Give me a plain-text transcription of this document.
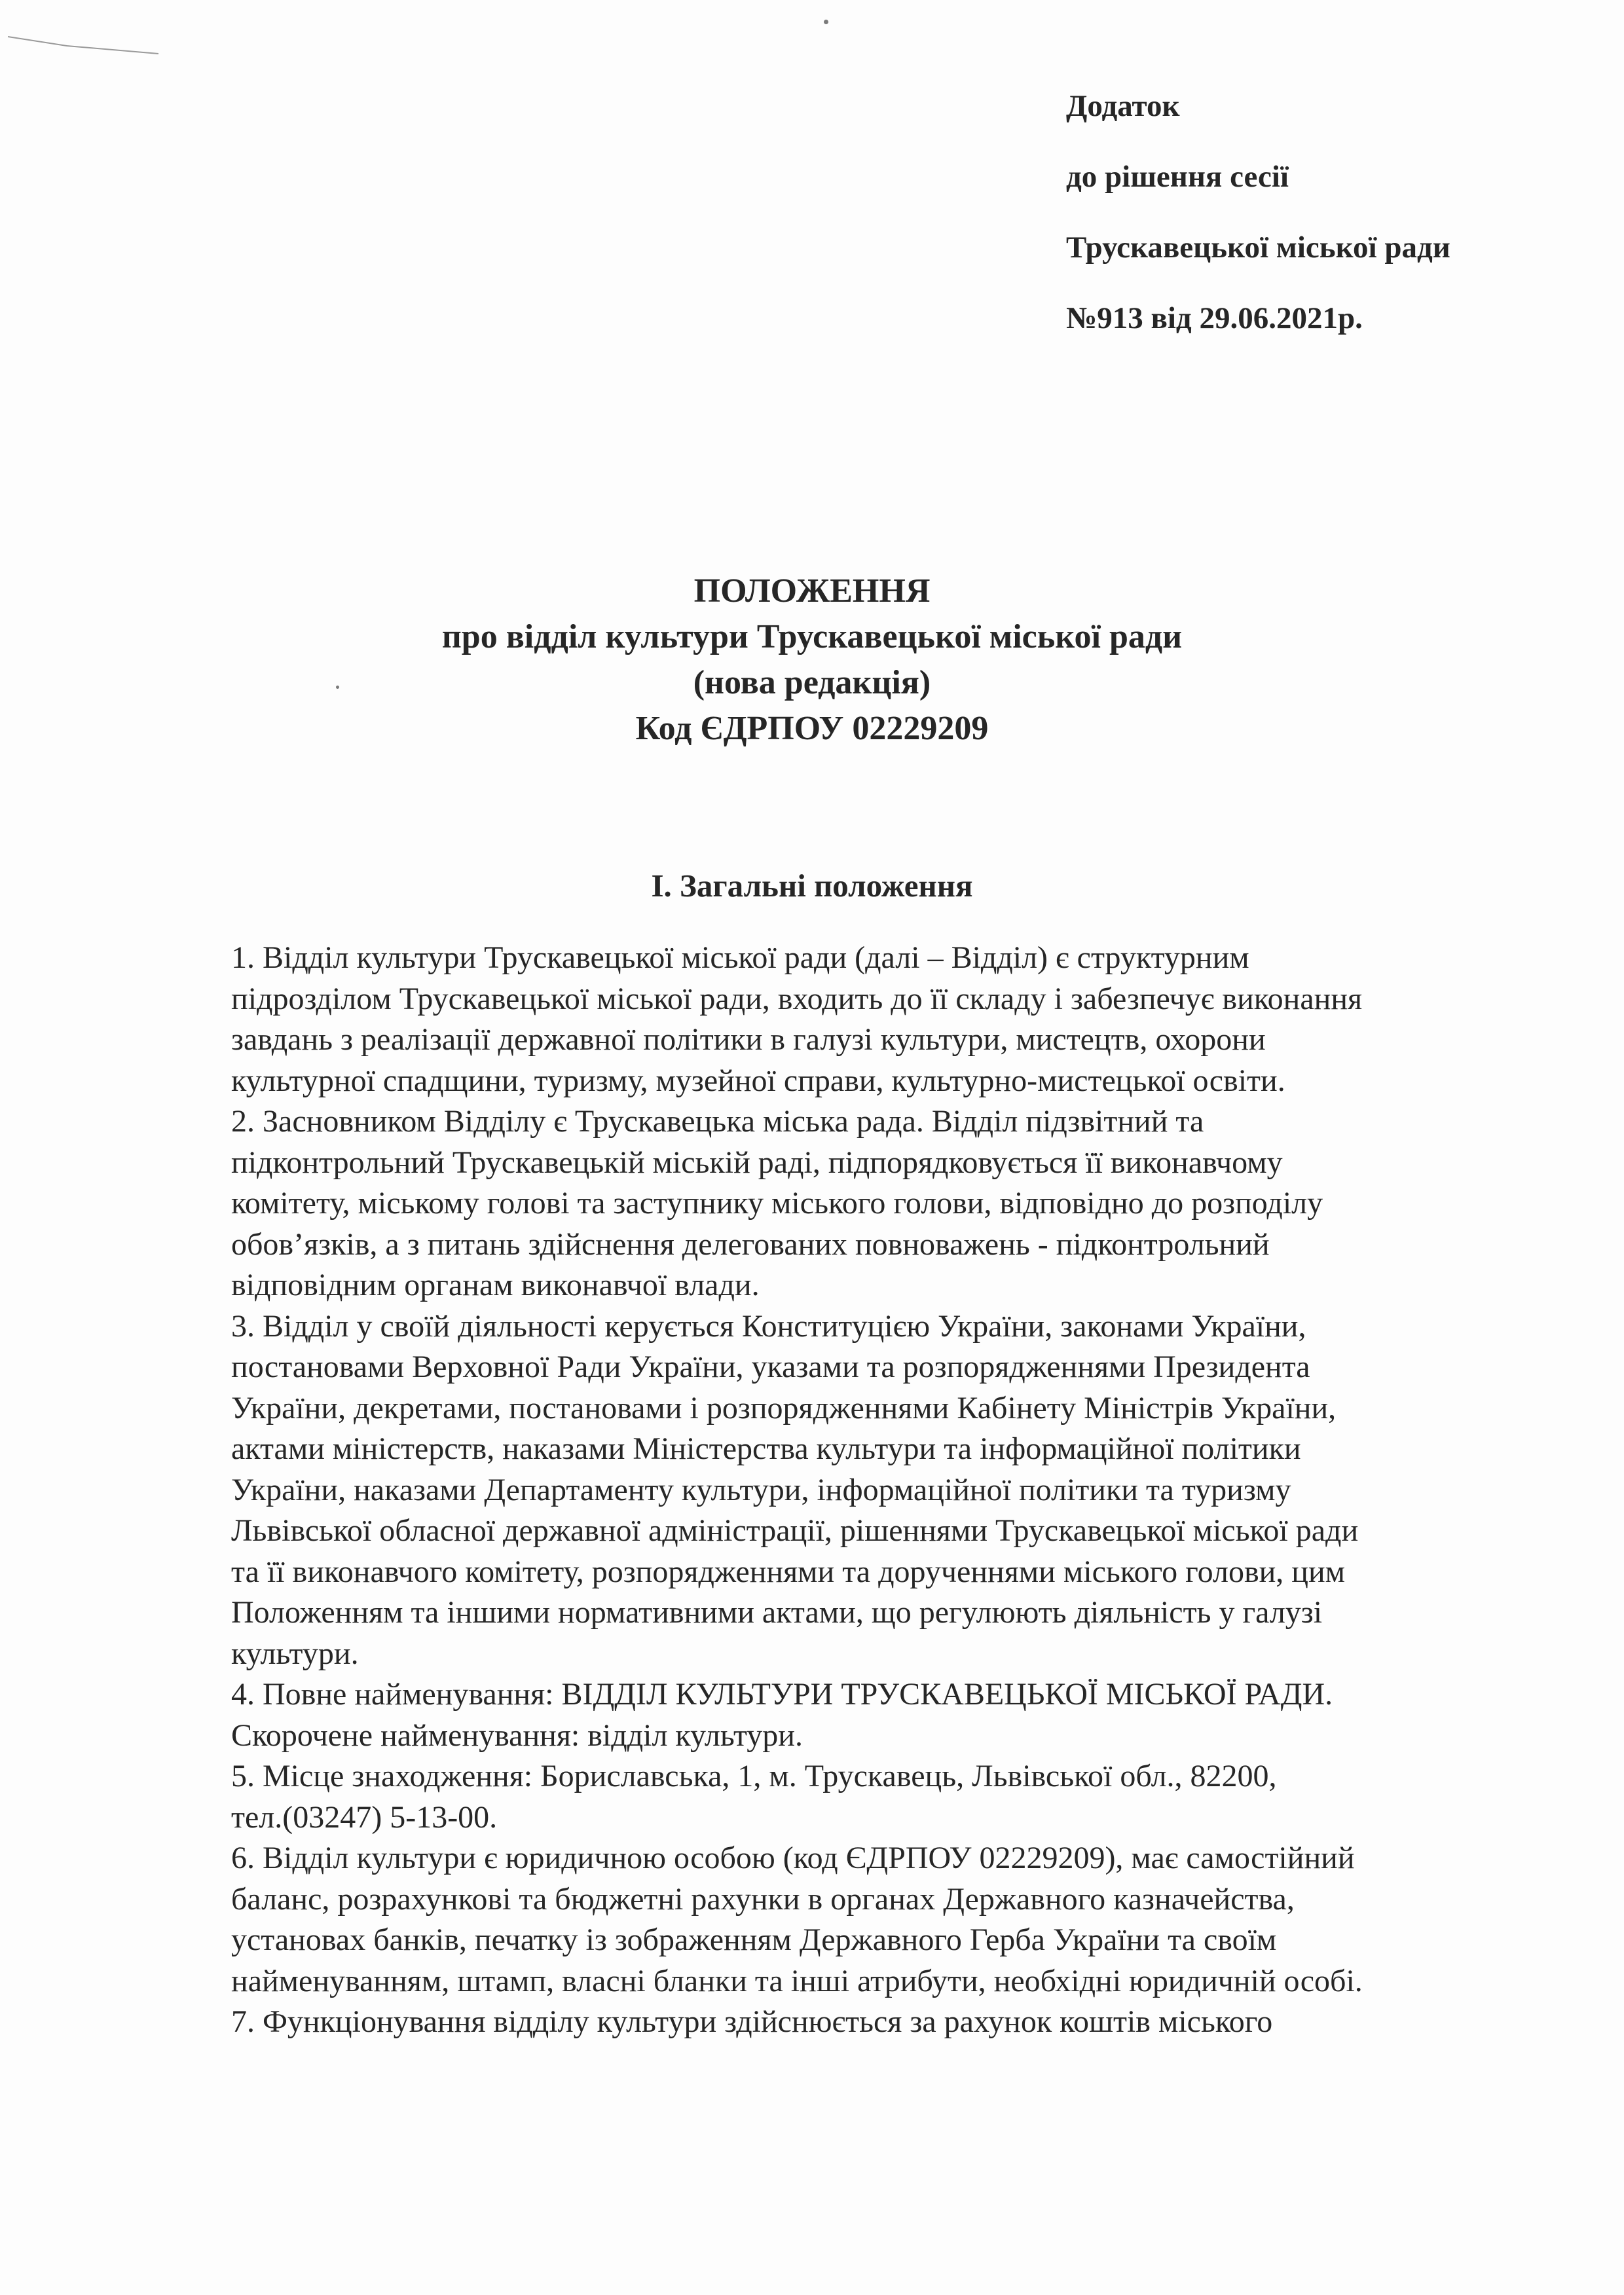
Додаток
до рішення сесії
Трускавецької міської ради
№913 від 29.06.2021р.
ПОЛОЖЕННЯ
про відділ культури Трускавецької міської ради
(нова редакція)
Код ЄДРПОУ 02229209
I. Загальні положення
1. Відділ культури Трускавецької міської ради (далі – Відділ) є структурним
підрозділом Трускавецької міської ради, входить до її складу і забезпечує виконання
завдань з реалізації державної політики в галузі культури, мистецтв, охорони
культурної спадщини, туризму, музейної справи, культурно-мистецької освіти.
2. Засновником Відділу є Трускавецька міська рада. Відділ підзвітний та
підконтрольний Трускавецькій міській раді, підпорядковується її виконавчому
комітету, міському голові та заступнику міського голови, відповідно до розподілу
обов’язків, а з питань здійснення делегованих повноважень - підконтрольний
відповідним органам виконавчої влади.
3. Відділ у своїй діяльності керується Конституцією України, законами України,
постановами Верховної Ради України, указами та розпорядженнями Президента
України, декретами, постановами і розпорядженнями Кабінету Міністрів України,
актами міністерств, наказами Міністерства культури та інформаційної політики
України, наказами Департаменту культури, інформаційної політики та туризму
Львівської обласної державної адміністрації, рішеннями Трускавецької міської ради
та її виконавчого комітету, розпорядженнями та дорученнями міського голови, цим
Положенням та іншими нормативними актами, що регулюють діяльність у галузі
культури.
4. Повне найменування: ВІДДІЛ КУЛЬТУРИ ТРУСКАВЕЦЬКОЇ МІСЬКОЇ РАДИ.
Скорочене найменування: відділ культури.
5. Місце знаходження: Бориславська, 1, м. Трускавець, Львівської обл., 82200,
тел.(03247) 5-13-00.
6. Відділ культури є юридичною особою (код ЄДРПОУ 02229209), має самостійний
баланс, розрахункові та бюджетні рахунки в органах Державного казначейства,
установах банків, печатку із зображенням Державного Герба України та своїм
найменуванням, штамп, власні бланки та інші атрибути, необхідні юридичній особі.
7. Функціонування відділу культури здійснюється за рахунок коштів міського
